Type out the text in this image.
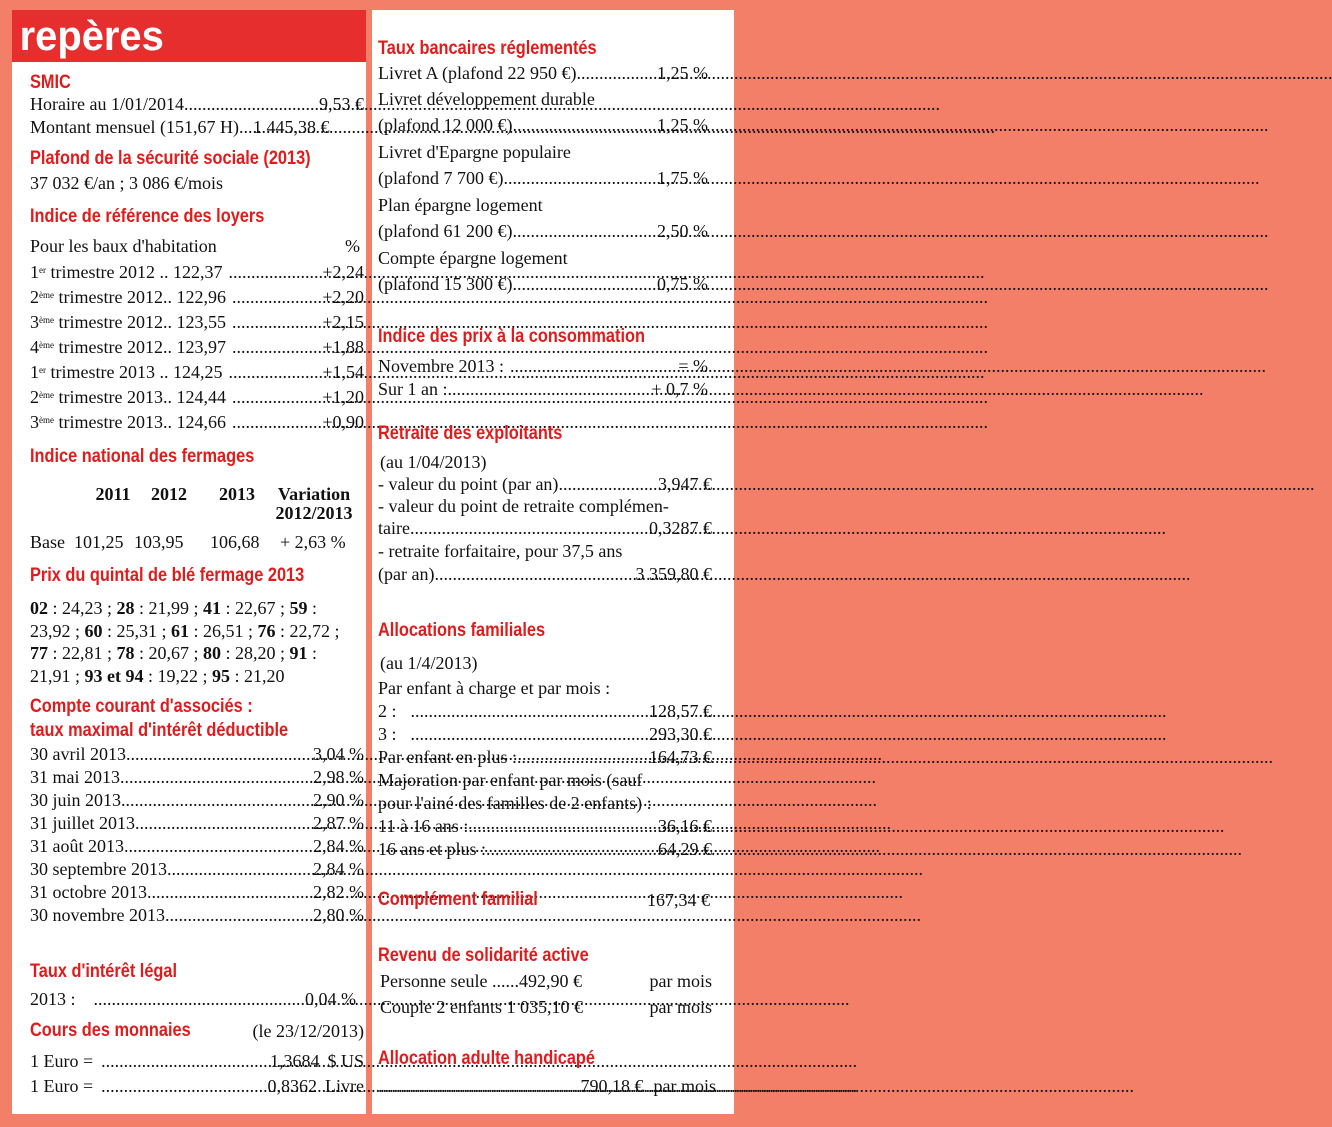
repères
SMIC
Horaire au 1/01/2014 .....	9,53 €
Montant mensuel (151,67 H) ..... 1 445,38 €
Plafond de la sécurité sociale (2013)
37 032 €/an ; 3 086 €/mois
Indice de référence des loyers
Pour les baux d'habitation	%
1er trimestre 2012 .. 122,37 .....	+2,24
2ème trimestre 2012.. 122,96 .....	+2,20
3ème trimestre 2012.. 123,55 .....	+2,15
4ème trimestre 2012.. 123,97 .....	+1,88
1er trimestre 2013 .. 124,25 .....	+1,54
2ème trimestre 2013.. 124,44 .....	+1,20
3ème trimestre 2013.. 124,66 .....	+0,90
Indice national des fermages
2011	2012	2013	Variation
2012/2013
Base 101,25 103,95 106,68 + 2,63 %
Prix du quintal de blé fermage 2013
02 : 24,23 ; 28 : 21,99 ; 41 : 22,67 ; 59 :
23,92 ; 60 : 25,31 ; 61 : 26,51 ; 76 : 22,72 ;
77 : 22,81 ; 78 : 20,67 ; 80 : 28,20 ; 91 :
21,91 ; 93 et 94 : 19,22 ; 95 : 21,20
Compte courant d'associés :
taux maximal d'intérêt déductible
30 avril 2013 .....	3,04 %
31 mai 2013 .....	2,98 %
30 juin 2013 .....	2,90 %
31 juillet 2013 .....	2,87 %
31 août 2013 .....	2,84 %
30 septembre 2013 .....	2,84 %
31 octobre 2013 .....	2,82 %
30 novembre 2013 .....	2,80 %
Taux d'intérêt légal
2013 : .....	0,04 %
Cours des monnaies	(le 23/12/2013)
1 Euro = .....	1,3684 $ US
1 Euro = .....	0,8362 Livre
Taux bancaires réglementés
Livret A (plafond 22 950 €) .....	1,25 %
Livret développement durable
(plafond 12 000 €) .....	1,25 %
Livret d'Epargne populaire
(plafond 7 700 €) .....	1,75 %
Plan épargne logement
(plafond 61 200 €) .....	2,50 %
Compte épargne logement
(plafond 15 300 €) .....	0,75 %
Indice des prix à la consommation
Novembre 2013 : .....	= %
Sur 1 an : .....	+ 0,7 %
Retraite des exploitants
(au 1/04/2013)
- valeur du point (par an) .....	3,947 €
- valeur du point de retraite complémen-
taire .....	0,3287 €
- retraite forfaitaire, pour 37,5 ans
(par an) .....	3 359,80 €
Allocations familiales
(au 1/4/2013)
Par enfant à charge et par mois :
2 : .....	128,57 €
3 : .....	293,30 €
Par enfant en plus : .....	164,73 €
Majoration par enfant par mois (sauf
pour l'ainé des familles de 2 enfants) :
11 à 16 ans : .....	36,16 €
16 ans et plus : .....	64,29 €
Complément familial	167,34 €
Revenu de solidarité active
Personne seule ......492,90 €	par mois
Couple 2 enfants 1 035,10 €	par mois
Allocation adulte handicapé
.....
790,18 € par mois
